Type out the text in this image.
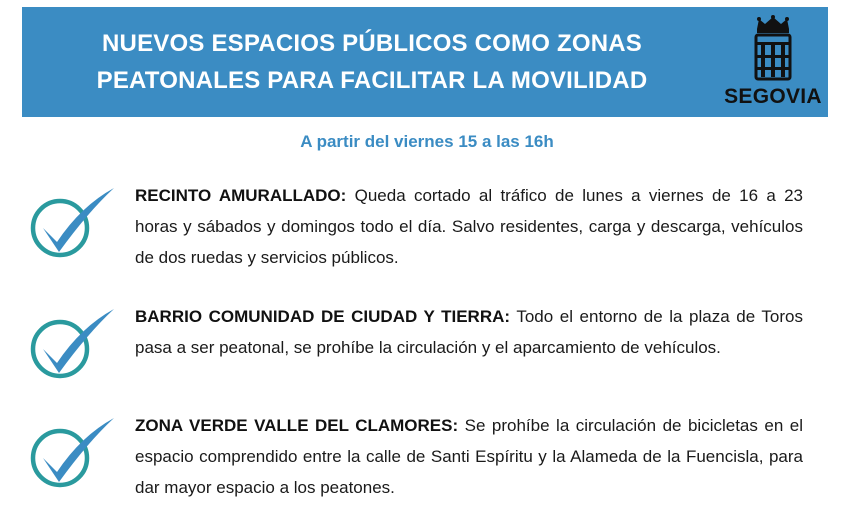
NUEVOS ESPACIOS PÚBLICOS COMO ZONAS
PEATONALES PARA FACILITAR LA MOVILIDAD
SEGOVIA
A partir del viernes 15 a las 16h
RECINTO AMURALLADO: Queda cortado al tráfico de lunes a viernes de 16 a 23 horas y sábados y domingos todo el día. Salvo residentes, carga y descarga, vehículos de dos ruedas y servicios públicos.
BARRIO COMUNIDAD DE CIUDAD Y TIERRA: Todo el entorno de la plaza de Toros pasa a ser peatonal, se prohíbe la circulación y el aparcamiento de vehículos.
ZONA VERDE VALLE DEL CLAMORES: Se prohíbe la circulación de bicicletas en el espacio comprendido entre la calle de Santi Espíritu y la Alameda de la Fuencisla, para dar mayor espacio a los peatones.
